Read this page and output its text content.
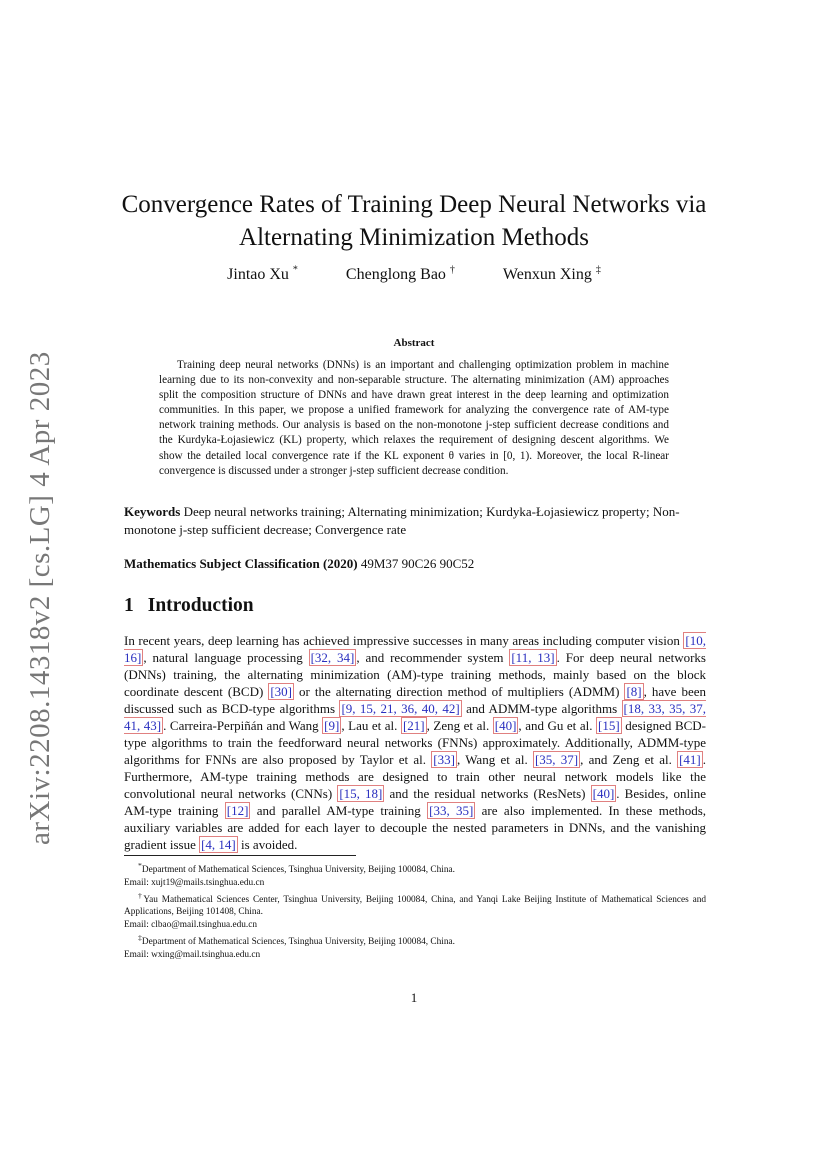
arXiv:2208.14318v2 [cs.LG] 4 Apr 2023
Convergence Rates of Training Deep Neural Networks via
Alternating Minimization Methods
Jintao Xu *	Chenglong Bao †	Wenxun Xing ‡
Abstract
Training deep neural networks (DNNs) is an important and challenging optimization problem in machine learning due to its non-convexity and non-separable structure. The alternating minimization (AM) approaches split the composition structure of DNNs and have drawn great interest in the deep learning and optimization communities. In this paper, we propose a unified framework for analyzing the convergence rate of AM-type network training methods. Our analysis is based on the non-monotone j-step sufficient decrease conditions and the Kurdyka-Łojasiewicz (KL) property, which relaxes the requirement of designing descent algorithms. We show the detailed local convergence rate if the KL exponent θ varies in [0, 1). Moreover, the local R-linear convergence is discussed under a stronger j-step sufficient decrease condition.
Keywords Deep neural networks training; Alternating minimization; Kurdyka-Łojasiewicz property; Non-monotone j-step sufficient decrease; Convergence rate
Mathematics Subject Classification (2020) 49M37 90C26 90C52
1 Introduction
In recent years, deep learning has achieved impressive successes in many areas including computer vision [10, 16] , natural language processing [32, 34] , and recommender system [11, 13] . For deep neural networks (DNNs) training, the alternating minimization (AM)-type training methods, mainly based on the block coordinate descent (BCD) [30] or the alternating direction method of multipliers (ADMM) [8] , have been discussed such as BCD-type algorithms [9, 15, 21, 36, 40, 42] and ADMM-type algorithms [18, 33, 35, 37, 41, 43] . Carreira-Perpiñán and Wang [9] , Lau et al. [21] , Zeng et al. [40] , and Gu et al. [15] designed BCD-type algorithms to train the feedforward neural networks (FNNs) approximately. Additionally, ADMM-type algorithms for FNNs are also proposed by Taylor et al. [33] , Wang et al. [35, 37] , and Zeng et al. [41] . Furthermore, AM-type training methods are designed to train other neural network models like the convolutional neural networks (CNNs) [15, 18] and the residual networks (ResNets) [40] . Besides, online AM-type training [12] and parallel AM-type training [33, 35] are also implemented. In these methods, auxiliary variables are added for each layer to decouple the nested parameters in DNNs, and the vanishing gradient issue [4, 14] is avoided.
*Department of Mathematical Sciences, Tsinghua University, Beijing 100084, China.
Email: xujt19@mails.tsinghua.edu.cn
†Yau Mathematical Sciences Center, Tsinghua University, Beijing 100084, China, and Yanqi Lake Beijing Institute of Mathematical Sciences and Applications, Beijing 101408, China.
Email: clbao@mail.tsinghua.edu.cn
‡Department of Mathematical Sciences, Tsinghua University, Beijing 100084, China.
Email: wxing@mail.tsinghua.edu.cn
1
